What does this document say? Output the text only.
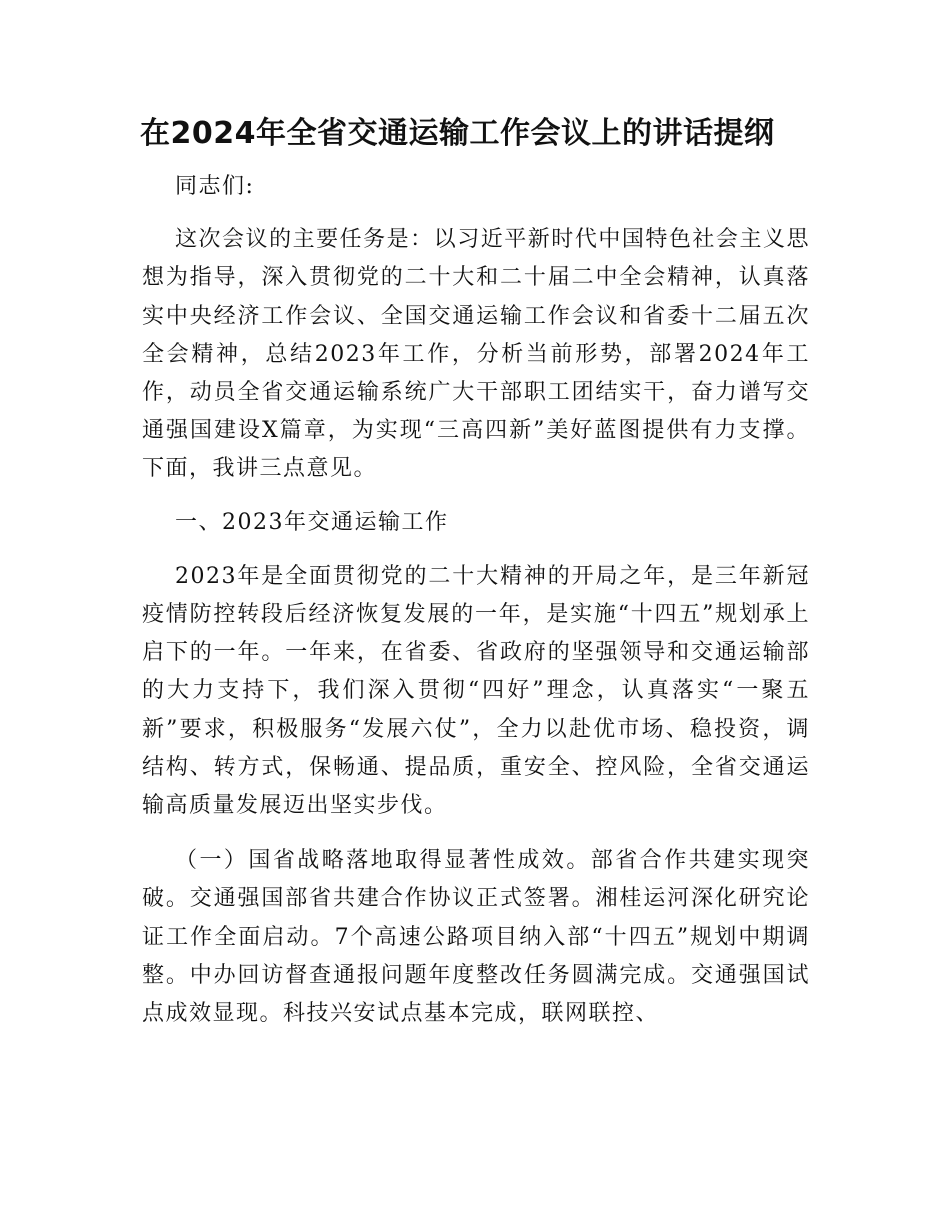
在2024年全省交通运输工作会议上的讲话提纲

同志们:

这次会议的主要任务是：以习近平新时代中国特色社会主义思想为指导，深入贯彻党的二十大和二十届二中全会精神，认真落实中央经济工作会议、全国交通运输工作会议和省委十二届五次全会精神，总结2023年工作，分析当前形势，部署2024年工作，动员全省交通运输系统广大干部职工团结实干，奋力谱写交通强国建设X篇章，为实现“三高四新”美好蓝图提供有力支撑。下面，我讲三点意见。

一、2023年交通运输工作

2023年是全面贯彻党的二十大精神的开局之年，是三年新冠疫情防控转段后经济恢复发展的一年，是实施“十四五”规划承上启下的一年。一年来，在省委、省政府的坚强领导和交通运输部的大力支持下，我们深入贯彻“四好”理念，认真落实“一聚五新”要求，积极服务“发展六仗”，全力以赴优市场、稳投资，调结构、转方式，保畅通、提品质，重安全、控风险，全省交通运输高质量发展迈出坚实步伐。

（一）国省战略落地取得显著性成效。部省合作共建实现突破。交通强国部省共建合作协议正式签署。湘桂运河深化研究论证工作全面启动。7个高速公路项目纳入部“十四五”规划中期调整。中办回访督查通报问题年度整改任务圆满完成。交通强国试点成效显现。科技兴安试点基本完成，联网联控、
